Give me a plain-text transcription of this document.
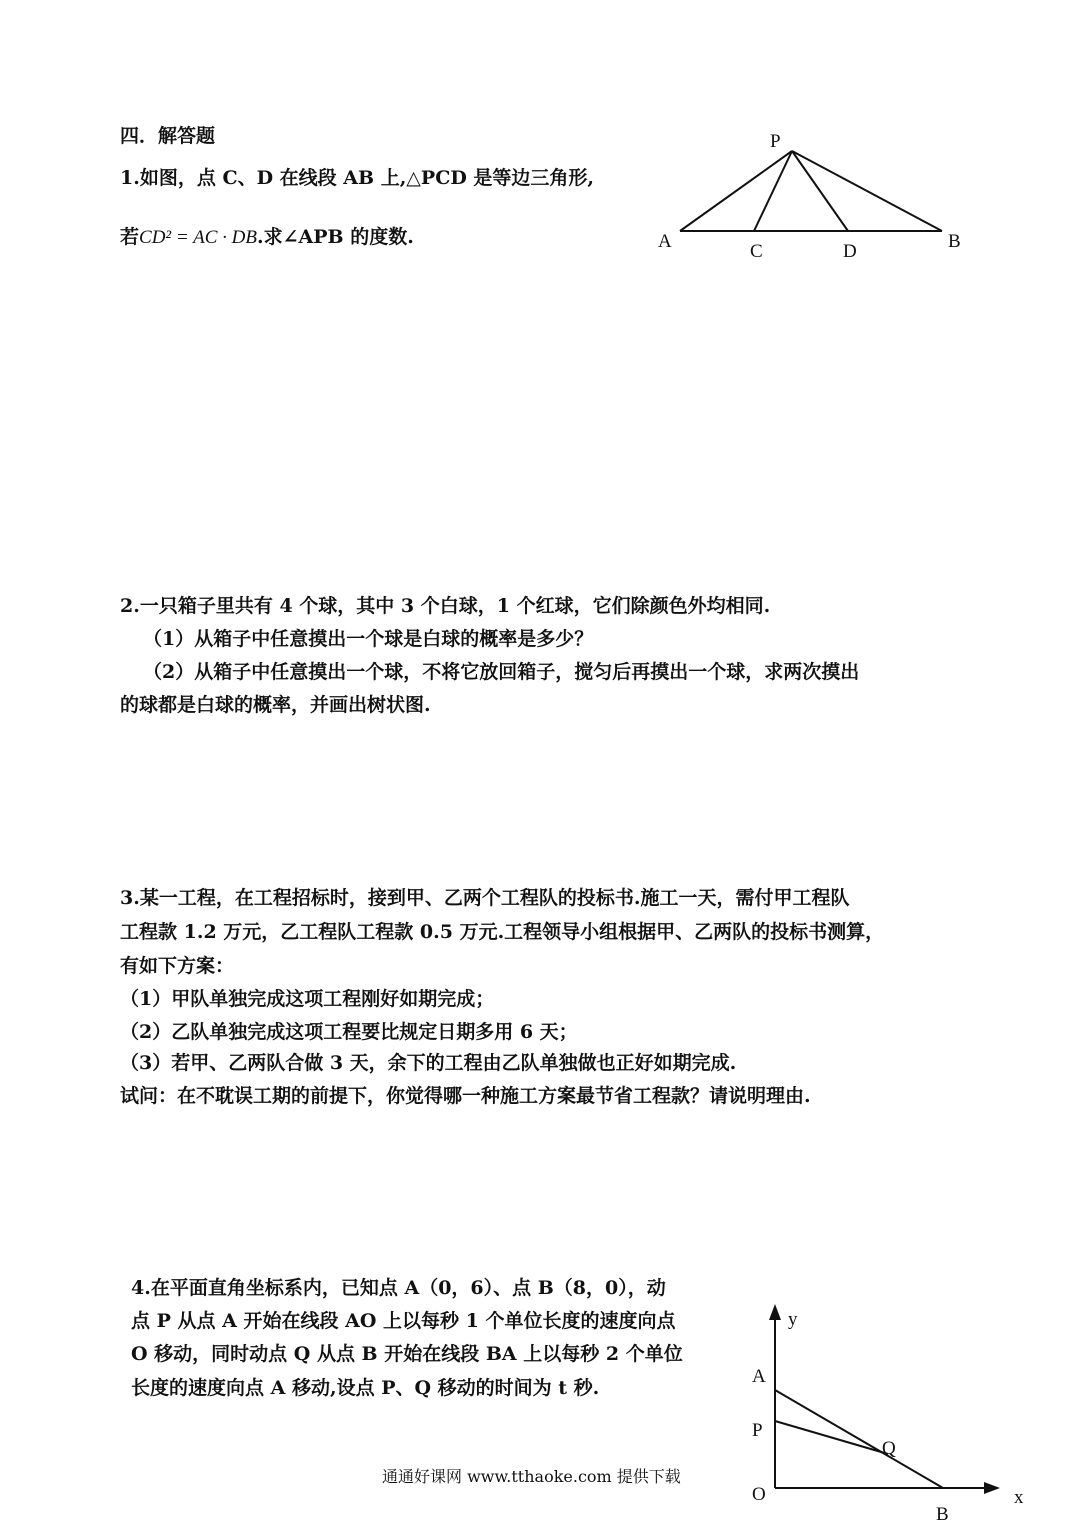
四．解答题
1.如图，点 C、D 在线段 AB 上,△PCD 是等边三角形,
若CD² = AC · DB.求∠APB 的度数.
P
A	C	D	B
2.一只箱子里共有 4 个球，其中 3 个白球，1 个红球，它们除颜色外均相同.
（1）从箱子中任意摸出一个球是白球的概率是多少？
（2）从箱子中任意摸出一个球，不将它放回箱子，搅匀后再摸出一个球，求两次摸出
的球都是白球的概率，并画出树状图.
3.某一工程，在工程招标时，接到甲、乙两个工程队的投标书.施工一天，需付甲工程队
工程款 1.2 万元，乙工程队工程款 0.5 万元.工程领导小组根据甲、乙两队的投标书测算，
有如下方案：
（1）甲队单独完成这项工程刚好如期完成；
（2）乙队单独完成这项工程要比规定日期多用 6 天；
（3）若甲、乙两队合做 3 天，余下的工程由乙队单独做也正好如期完成.
试问：在不耽误工期的前提下，你觉得哪一种施工方案最节省工程款？请说明理由.
4.在平面直角坐标系内，已知点 A（0，6）、点 B（8，0），动
点 P 从点 A 开始在线段 AO 上以每秒 1 个单位长度的速度向点
O 移动，同时动点 Q 从点 B 开始在线段 BA 上以每秒 2 个单位
长度的速度向点 A 移动,设点 P、Q 移动的时间为 t 秒.
y
x
A
P
Q
O
B
通通好课网 www.tthaoke.com 提供下载
